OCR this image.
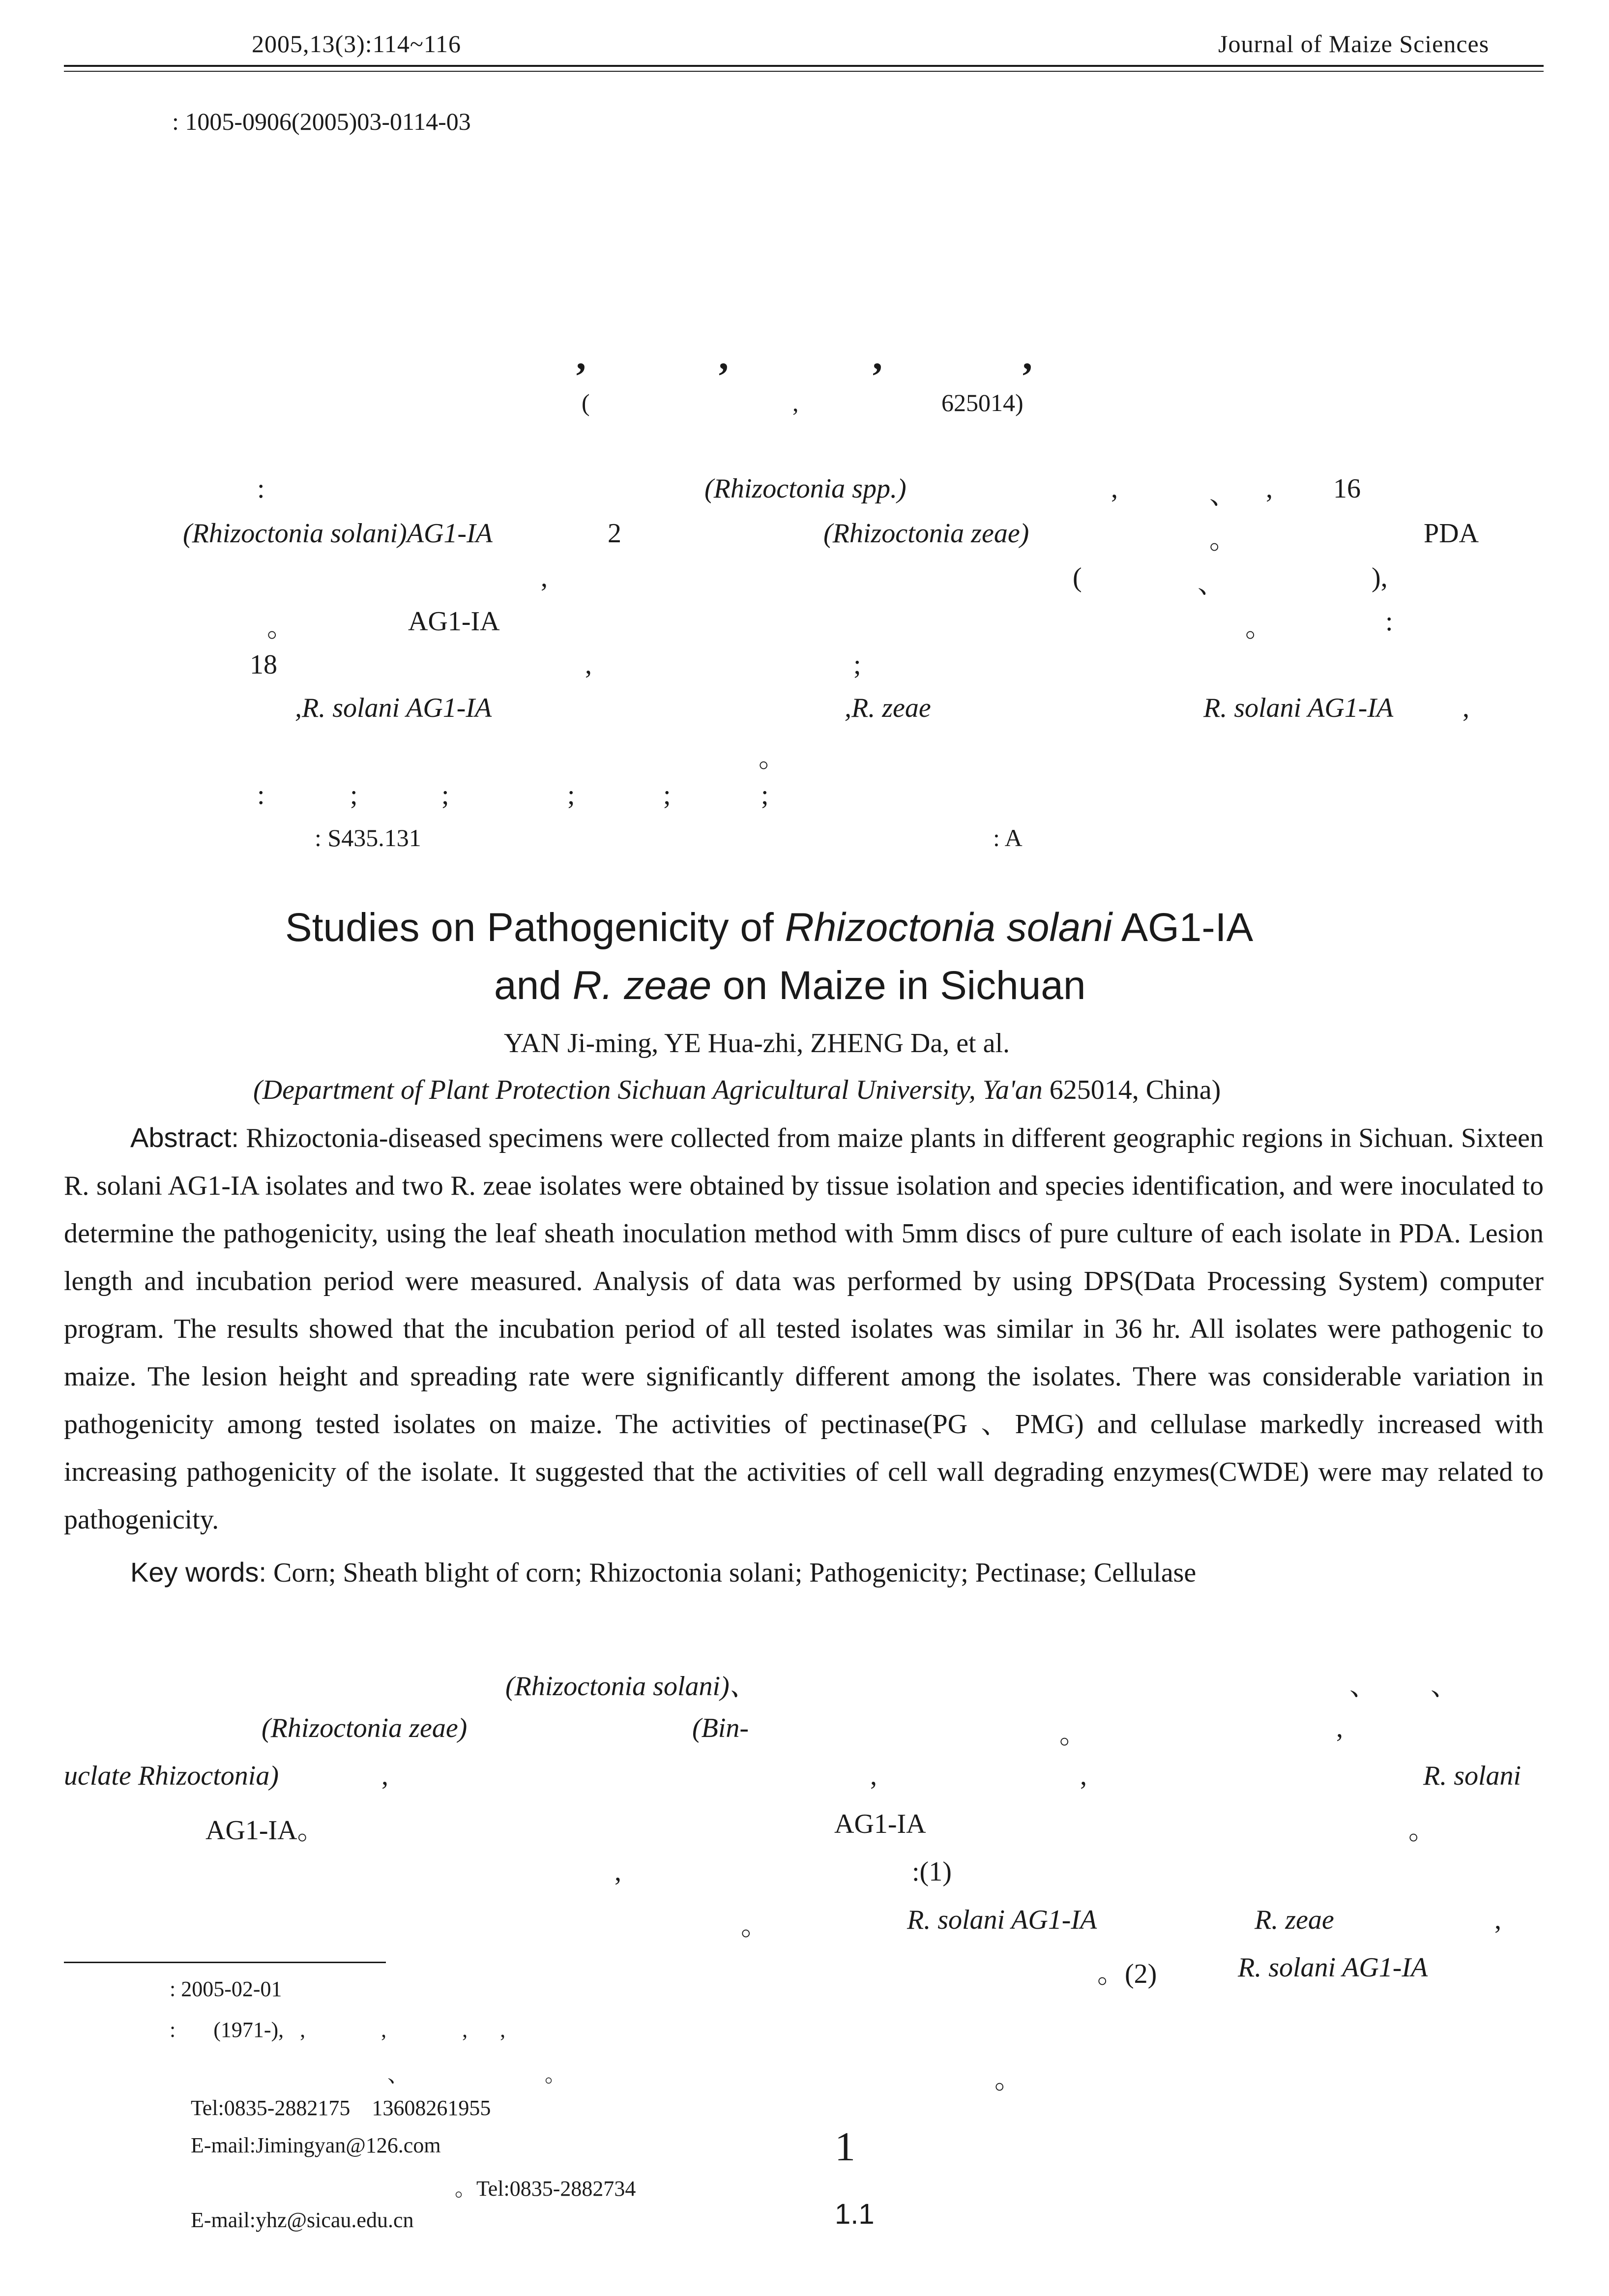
2005,13(3):114~116	Journal of Maize Sciences
: 1005-0906(2005)03-0114-03
,	,	,	,
(	,	625014)
:	(Rhizoctonia spp.)	,	、 , 16
(Rhizoctonia solani)AG1-IA	2	(Rhizoctonia zeae)	。	PDA
,	(	、	),
。	AG1-IA	。	:
18	,	;
,R. solani AG1-IA	,R. zeae	R. solani AG1-IA	,
。
:	;	;	;	;	;
: S435.131	: A
Studies on Pathogenicity of Rhizoctonia solani AG1-IA
and R. zeae on Maize in Sichuan
YAN Ji-ming, YE Hua-zhi, ZHENG Da, et al.
(Department of Plant Protection Sichuan Agricultural University, Ya'an 625014, China)
Abstract: Rhizoctonia-diseased specimens were collected from maize plants in different geographic regions in Sichuan. Sixteen R. solani AG1-IA isolates and two R. zeae isolates were obtained by tissue isolation and species identification, and were inoculated to determine the pathogenicity, using the leaf sheath inoculation method with 5mm discs of pure culture of each isolate in PDA. Lesion length and incubation period were measured. Analysis of data was performed by using DPS(Data Processing System) computer program. The results showed that the incubation period of all tested isolates was similar in 36 hr. All isolates were pathogenic to maize. The lesion height and spreading rate were significantly different among the isolates. There was considerable variation in pathogenicity among tested isolates on maize. The activities of pectinase(PG 、PMG) and cellulase markedly increased with increasing pathogenicity of the isolate. It suggested that the activities of cell wall degrading enzymes(CWDE) were may related to pathogenicity.
Key words: Corn; Sheath blight of corn; Rhizoctonia solani; Pathogenicity; Pectinase; Cellulase
(Rhizoctonia solani)、	、 、
(Rhizoctonia zeae)	(Bin-	。	,
uclate Rhizoctonia)	,	,	,	R. solani
AG1-IA。	AG1-IA	。
,	:(1)
。	R. solani AG1-IA	R. zeae	,
。(2)	R. solani AG1-IA
。
: 2005-02-01
:       (1971-),   ,              ,              ,      ,
、	。
Tel:0835-2882175    13608261955
E-mail:Jimingyan@126.com
。Tel:0835-2882734
E-mail:yhz@sicau.edu.cn
1
1.1
